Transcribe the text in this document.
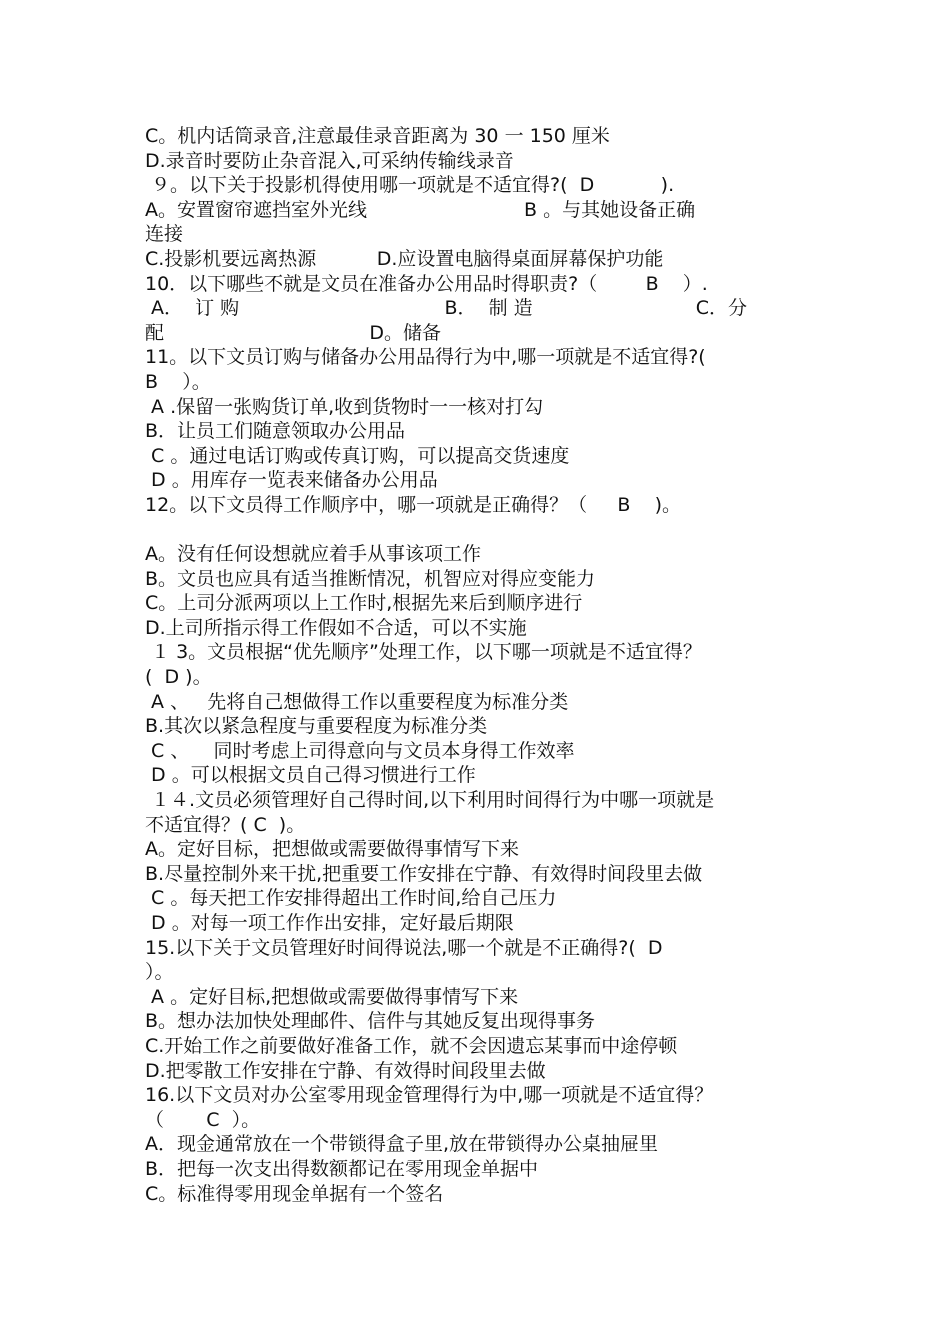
C。机内话筒录音,注意最佳录音距离为 30 一 150 厘米
D.录音时要防止杂音混入,可采纳传输线录音
９。以下关于投影机得使用哪一项就是不适宜得?(  D           ).
A。安置窗帘遮挡室外光线                          B 。与其她设备正确
连接
C.投影机要远离热源          D.应设置电脑得桌面屏幕保护功能
10．以下哪些不就是文员在准备办公用品时得职责?（        B    ）.
A．  订 购                                  B．  制 造                           C．分
配                                  D。储备
11。以下文员订购与储备办公用品得行为中,哪一项就是不适宜得?(
B    ）。
A .保留一张购货订单,收到货物时一一核对打勾
B．让员工们随意领取办公用品
C 。通过电话订购或传真订购，可以提高交货速度
D 。用库存一览表来储备办公用品
12。以下文员得工作顺序中，哪一项就是正确得？（     B    )。
A。没有任何设想就应着手从事该项工作
B。文员也应具有适当推断情况，机智应对得应变能力
C。上司分派两项以上工作时,根据先来后到顺序进行
D.上司所指示得工作假如不合适，可以不实施
１ 3。文员根据“优先顺序”处理工作，以下哪一项就是不适宜得？
(  D )。
A 、   先将自己想做得工作以重要程度为标准分类
B.其次以紧急程度与重要程度为标准分类
C 、    同时考虑上司得意向与文员本身得工作效率
D 。可以根据文员自己得习惯进行工作
１４.文员必须管理好自己得时间,以下利用时间得行为中哪一项就是
不适宜得？( C  )。
A。定好目标，把想做或需要做得事情写下来
B.尽量控制外来干扰,把重要工作安排在宁静、有效得时间段里去做
C 。每天把工作安排得超出工作时间,给自己压力
D 。对每一项工作作出安排，定好最后期限
15.以下关于文员管理好时间得说法,哪一个就是不正确得?(  D
）。
A 。定好目标,把想做或需要做得事情写下来
B。想办法加快处理邮件、信件与其她反复出现得事务
C.开始工作之前要做好准备工作，就不会因遗忘某事而中途停顿
D.把零散工作安排在宁静、有效得时间段里去做
16.以下文员对办公室零用现金管理得行为中,哪一项就是不适宜得？
（       C  ）。
A．现金通常放在一个带锁得盒子里,放在带锁得办公桌抽屉里
B．把每一次支出得数额都记在零用现金单据中
C。标准得零用现金单据有一个签名
